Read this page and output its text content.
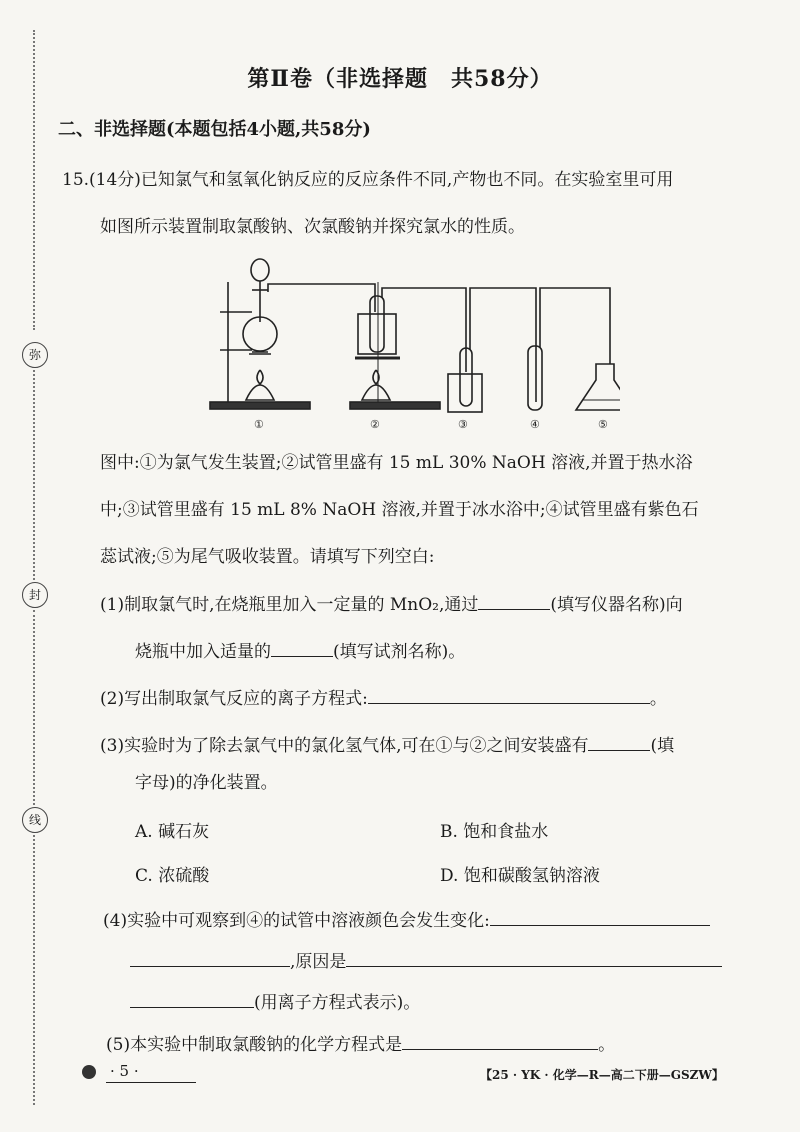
弥
封
线
第Ⅱ卷（非选择题　共58分）
二、非选择题(本题包括4小题,共58分)
15.(14分)已知氯气和氢氧化钠反应的反应条件不同,产物也不同。在实验室里可用
如图所示装置制取氯酸钠、次氯酸钠并探究氯水的性质。
①	②	③	④	⑤
图中:①为氯气发生装置;②试管里盛有 15 mL 30% NaOH 溶液,并置于热水浴
中;③试管里盛有 15 mL 8% NaOH 溶液,并置于冰水浴中;④试管里盛有紫色石
蕊试液;⑤为尾气吸收装置。请填写下列空白:
(1)制取氯气时,在烧瓶里加入一定量的 MnO₂,通过	(填写仪器名称)向
烧瓶中加入适量的	(填写试剂名称)。
(2)写出制取氯气反应的离子方程式:	。
(3)实验时为了除去氯气中的氯化氢气体,可在①与②之间安装盛有	(填
字母)的净化装置。
A. 碱石灰	B. 饱和食盐水
C. 浓硫酸	D. 饱和碳酸氢钠溶液
(4)实验中可观察到④的试管中溶液颜色会发生变化:
,原因是
(用离子方程式表示)。
(5)本实验中制取氯酸钠的化学方程式是	。
· 5 ·	【25 · YK · 化学—R—高二下册—GSZW】
